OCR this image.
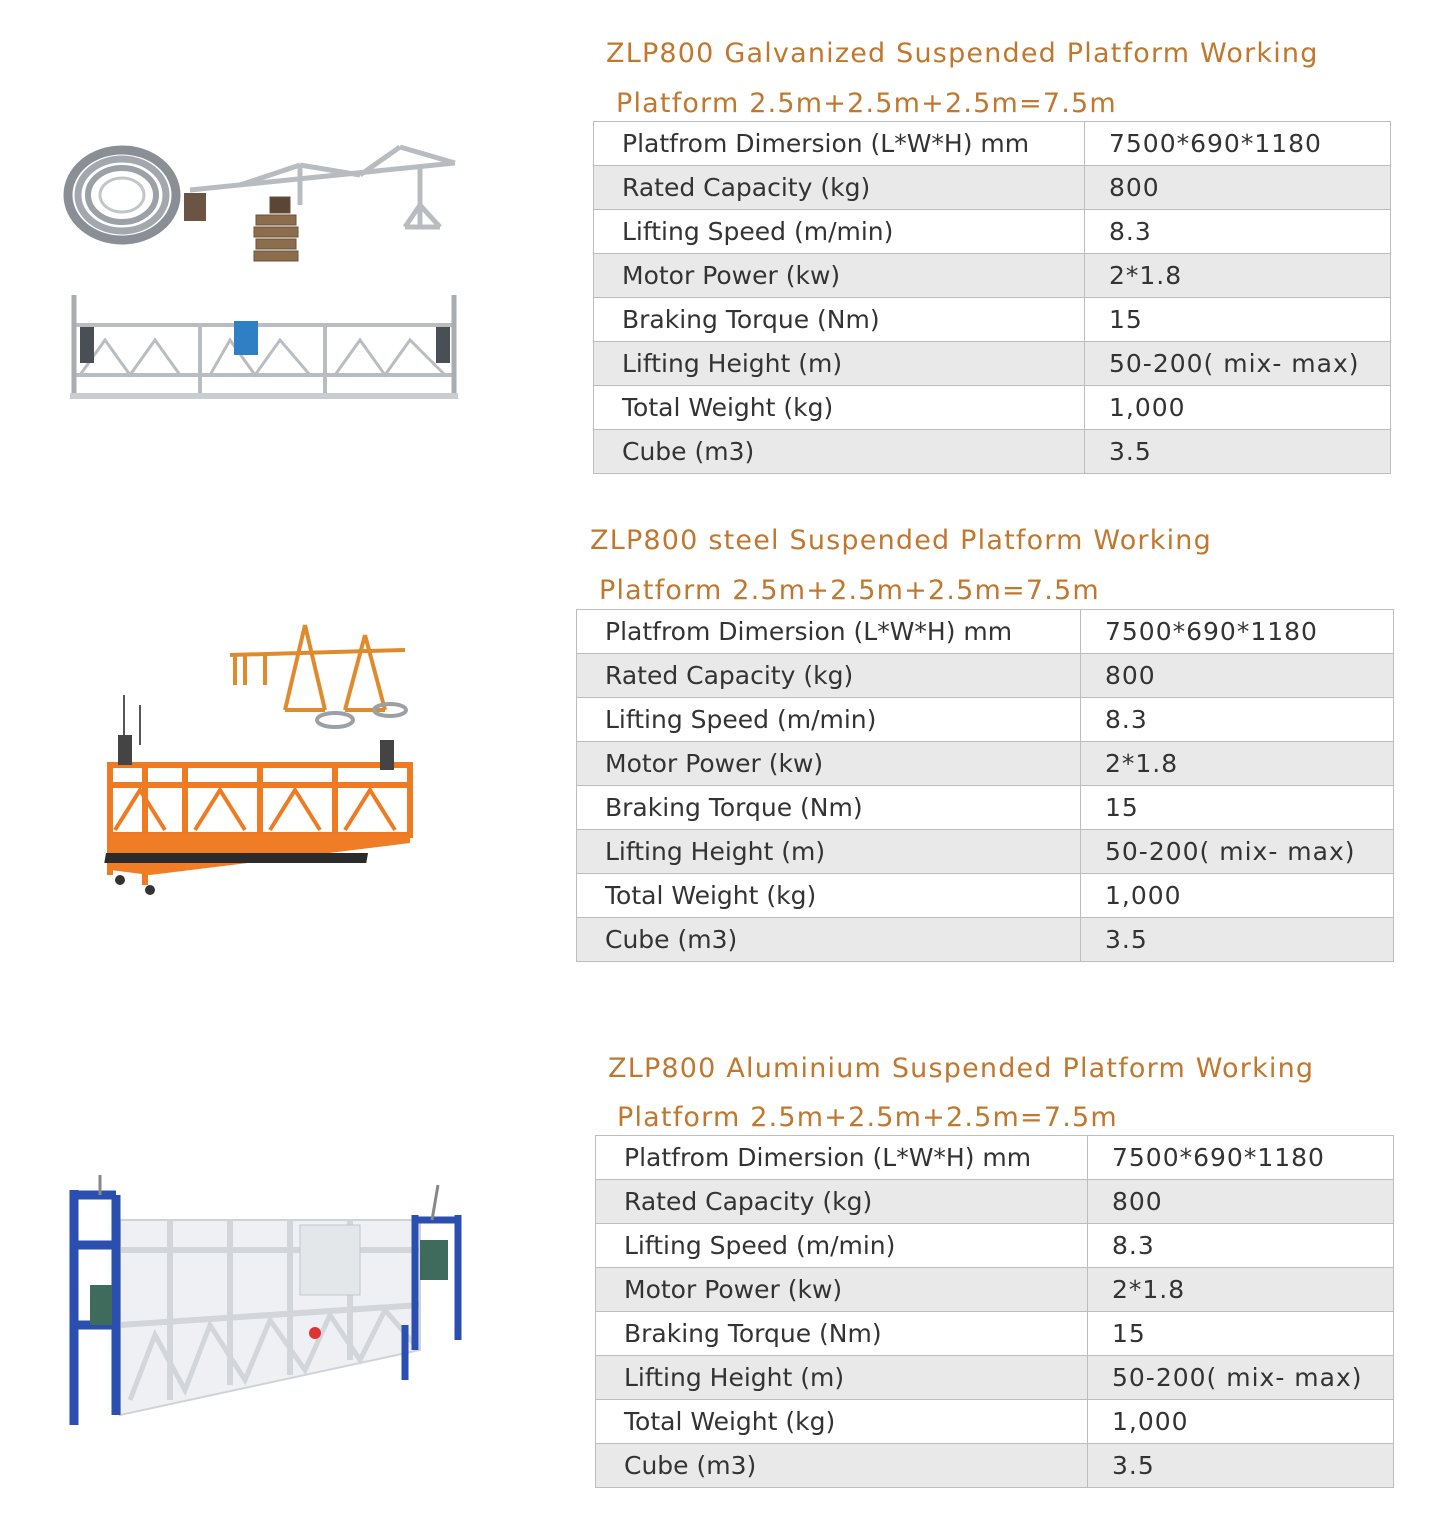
ZLP800 Galvanized Suspended Platform Working
Platform 2.5m+2.5m+2.5m=7.5m
Platfrom Dimersion (L*W*H) mm	7500*690*1180
Rated Capacity (kg)	800
Lifting Speed (m/min)	8.3
Motor Power (kw)	2*1.8
Braking Torque (Nm)	15
Lifting Height (m)	50-200( mix- max)
Total Weight (kg)	1,000
Cube (m3)	3.5
ZLP800 steel Suspended Platform Working
Platform 2.5m+2.5m+2.5m=7.5m
Platfrom Dimersion (L*W*H) mm	7500*690*1180
Rated Capacity (kg)	800
Lifting Speed (m/min)	8.3
Motor Power (kw)	2*1.8
Braking Torque (Nm)	15
Lifting Height (m)	50-200( mix- max)
Total Weight (kg)	1,000
Cube (m3)	3.5
ZLP800 Aluminium Suspended Platform Working
Platform 2.5m+2.5m+2.5m=7.5m
Platfrom Dimersion (L*W*H) mm	7500*690*1180
Rated Capacity (kg)	800
Lifting Speed (m/min)	8.3
Motor Power (kw)	2*1.8
Braking Torque (Nm)	15
Lifting Height (m)	50-200( mix- max)
Total Weight (kg)	1,000
Cube (m3)	3.5
